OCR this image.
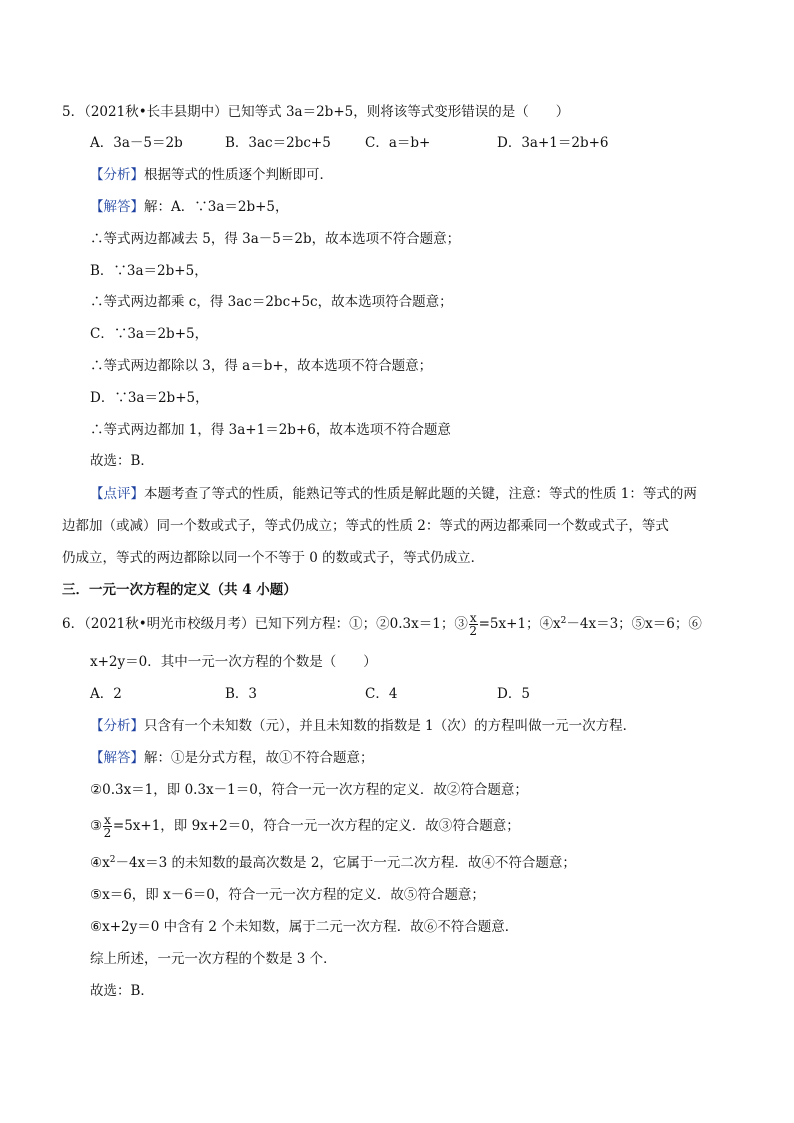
5．（2021秋•长丰县期中）已知等式 3a＝2b+5，则将该等式变形错误的是（　　）
A．3a－5＝2b	B．3ac＝2bc+5	C．a＝b+	D．3a+1＝2b+6
【分析】根据等式的性质逐个判断即可．
【解答】解：A．∵3a＝2b+5，
∴等式两边都减去 5，得 3a－5＝2b，故本选项不符合题意；
B．∵3a＝2b+5，
∴等式两边都乘 c，得 3ac＝2bc+5c，故本选项符合题意；
C．∵3a＝2b+5，
∴等式两边都除以 3，得 a＝b+，故本选项不符合题意；
D．∵3a＝2b+5，
∴等式两边都加 1，得 3a+1＝2b+6，故本选项不符合题意
故选：B．
【点评】本题考查了等式的性质，能熟记等式的性质是解此题的关键，注意：等式的性质 1：等式的两
边都加（或减）同一个数或式子，等式仍成立；等式的性质 2：等式的两边都乘同一个数或式子，等式
仍成立，等式的两边都除以同一个不等于 0 的数或式子，等式仍成立．
三．一元一次方程的定义（共 4 小题）
6．（2021秋•明光市校级月考）已知下列方程：①；②0.3x＝1；③ $\frac{x}{2} =5x+1$；$④x^2-4x=3$；⑤x＝6；⑥
x+2y＝0．其中一元一次方程的个数是（　　）
A．2	B．3	C．4	D．5
【分析】只含有一个未知数（元），并且未知数的指数是 1（次）的方程叫做一元一次方程．
【解答】解：①是分式方程，故①不符合题意；
②0.3x＝1，即 0.3x－1＝0，符合一元一次方程的定义．故②符合题意；
③ $\frac{x}{2} =5x+1$，即 9x+2＝0，符合一元一次方程的定义．故③符合题意；
$④x^2-4x=3$ 的未知数的最高次数是 2，它属于一元二次方程．故④不符合题意；
⑤x＝6，即 x－6＝0，符合一元一次方程的定义．故⑤符合题意；
⑥x+2y＝0 中含有 2 个未知数，属于二元一次方程．故⑥不符合题意．
综上所述，一元一次方程的个数是 3 个．
故选：B．
